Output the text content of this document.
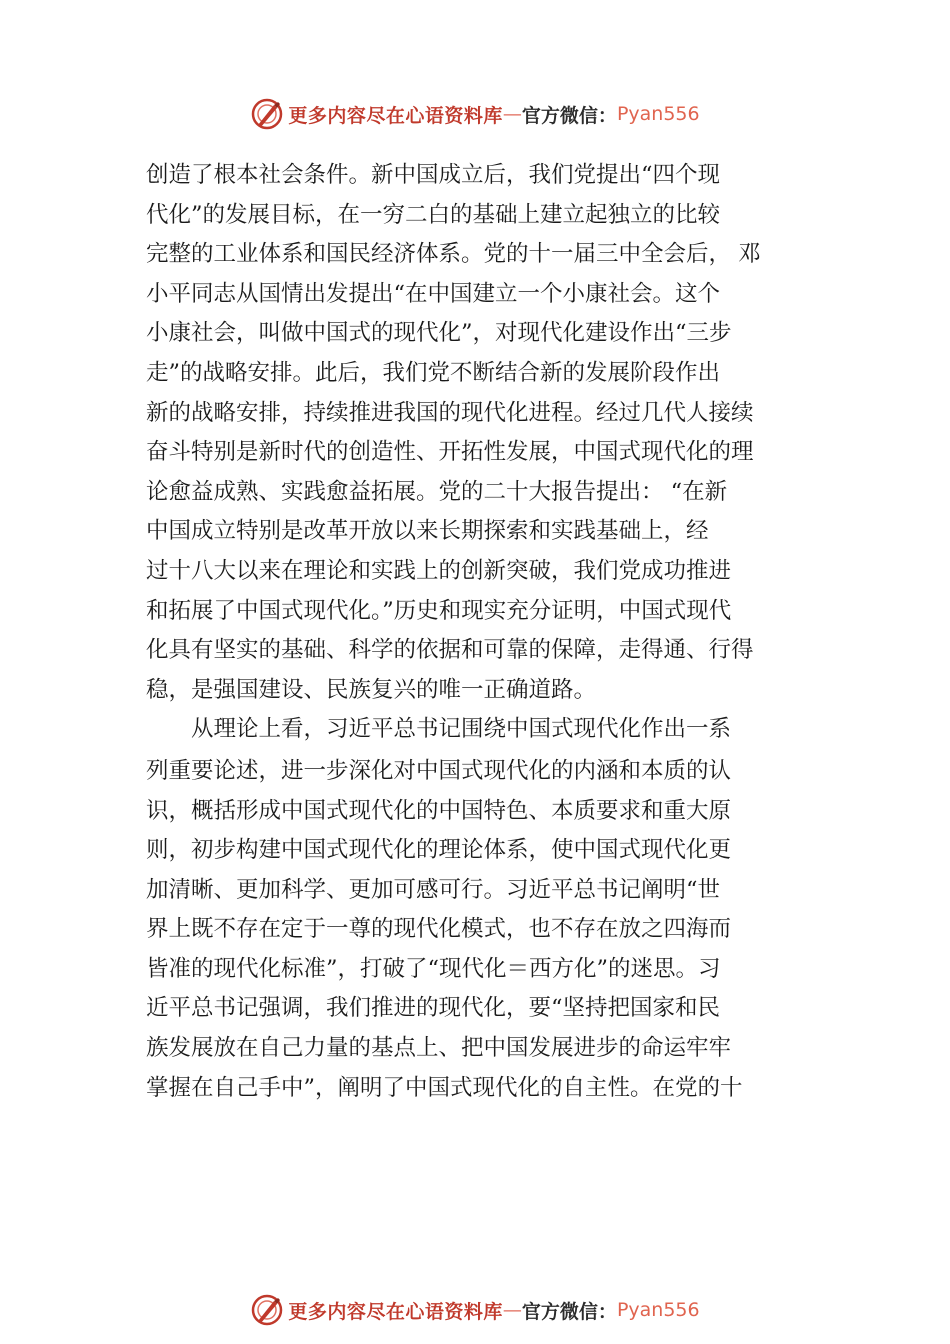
更多内容尽在心语资料库 — 官方微信： Pyan556
创造了根本社会条件。新中国成立后，我们党提出“四个现
代化”的发展目标，在一穷二白的基础上建立起独立的比较
完整的工业体系和国民经济体系。党的十一届三中全会后， 邓
小平同志从国情出发提出“在中国建立一个小康社会。这个
小康社会，叫做中国式的现代化”，对现代化建设作出“三步
走”的战略安排。此后，我们党不断结合新的发展阶段作出
新的战略安排，持续推进我国的现代化进程。经过几代人接续
奋斗特别是新时代的创造性、开拓性发展，中国式现代化的理
论愈益成熟、实践愈益拓展。党的二十大报告提出： “在新
中国成立特别是改革开放以来长期探索和实践基础上，经
过十八大以来在理论和实践上的创新突破，我们党成功推进
和拓展了中国式现代化。”历史和现实充分证明，中国式现代
化具有坚实的基础、科学的依据和可靠的保障，走得通、行得
稳，是强国建设、民族复兴的唯一正确道路。
　　从理论上看，习近平总书记围绕中国式现代化作出一系
列重要论述，进一步深化对中国式现代化的内涵和本质的认
识，概括形成中国式现代化的中国特色、本质要求和重大原
则，初步构建中国式现代化的理论体系，使中国式现代化更
加清晰、更加科学、更加可感可行。习近平总书记阐明“世
界上既不存在定于一尊的现代化模式，也不存在放之四海而
皆准的现代化标准”，打破了“现代化＝西方化”的迷思。习
近平总书记强调，我们推进的现代化，要“坚持把国家和民
族发展放在自己力量的基点上、把中国发展进步的命运牢牢
掌握在自己手中”，阐明了中国式现代化的自主性。在党的十
更多内容尽在心语资料库 — 官方微信： Pyan556
